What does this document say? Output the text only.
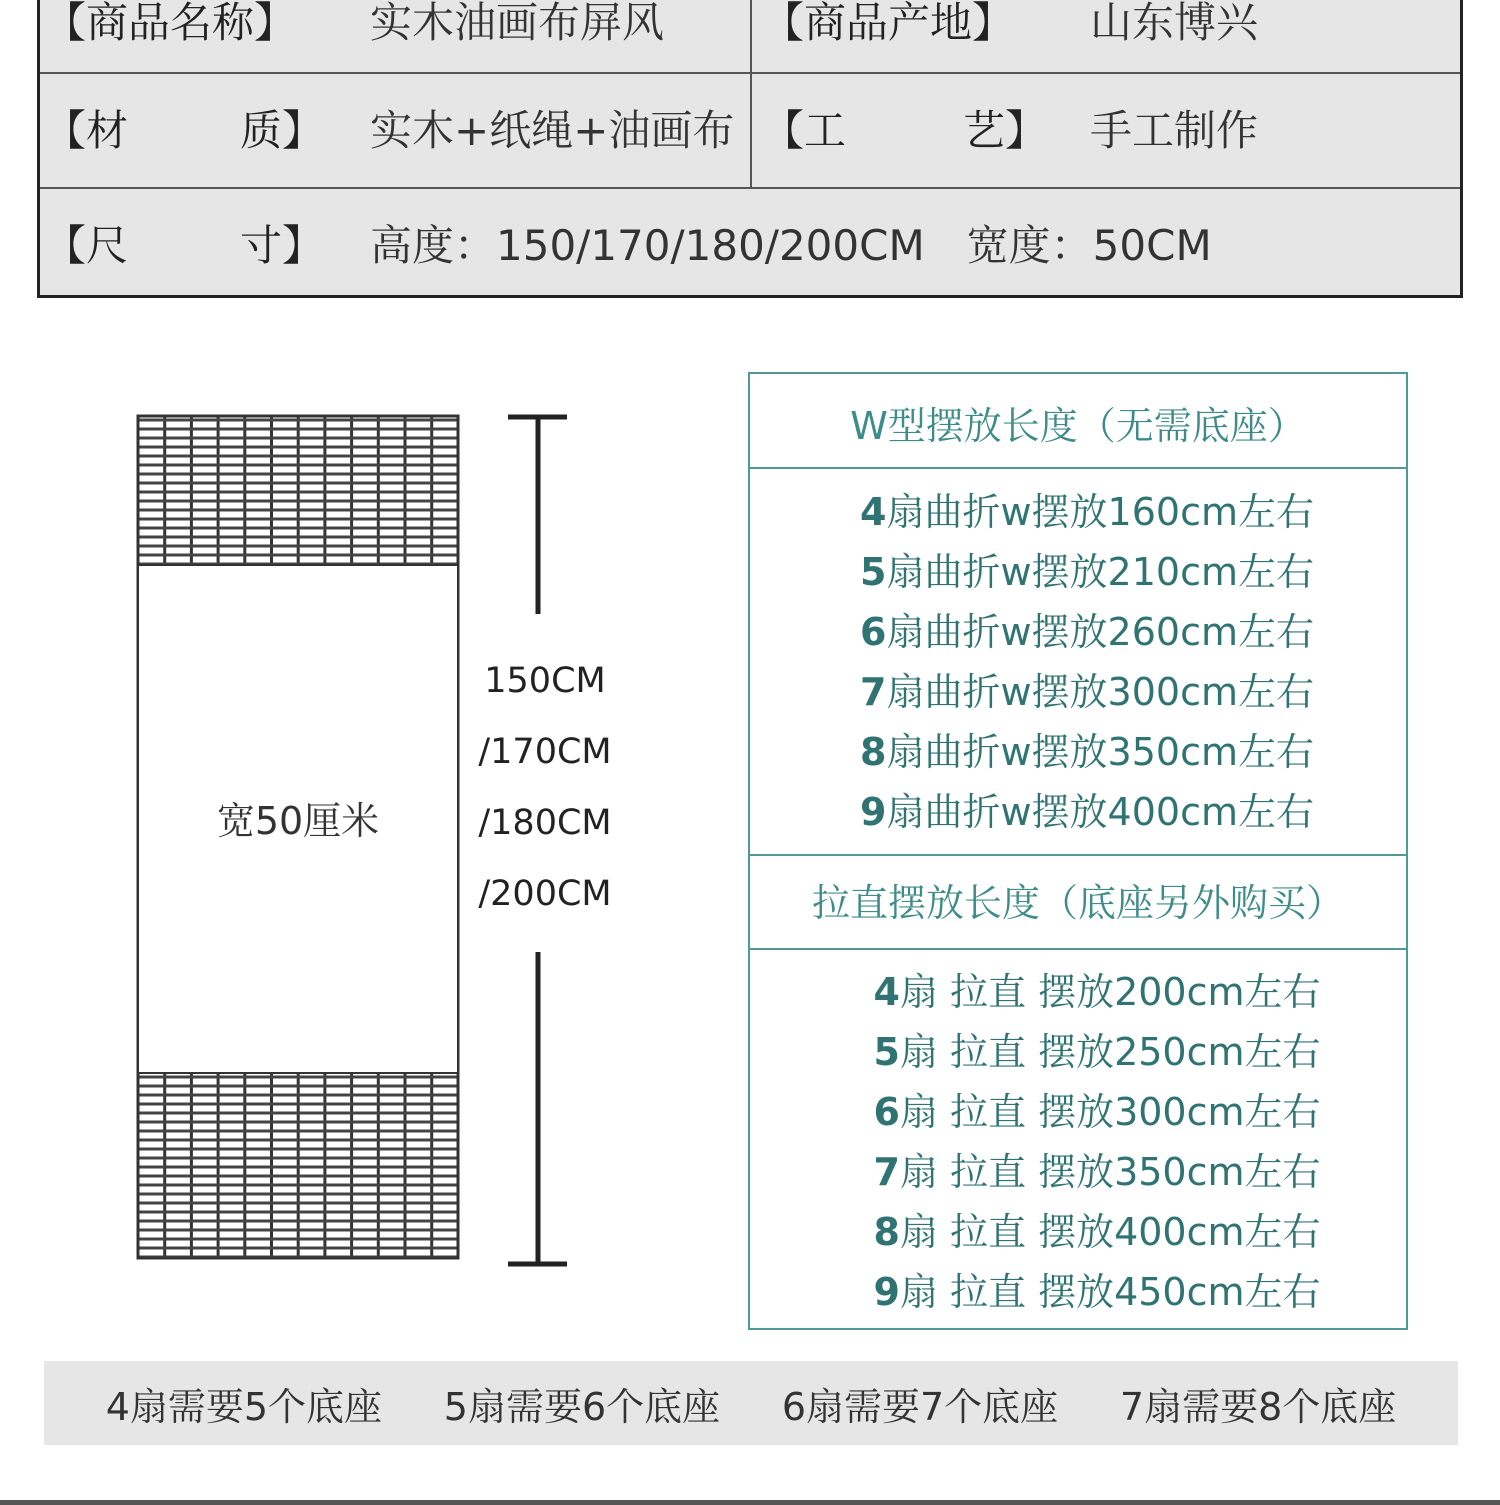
【商品名称】 实木油画布屏风 【商品产地】 山东博兴
【材	质】 实木+纸绳+油画布 【工	艺】 手工制作
【尺	寸】 高度：150/170/180/200CM　宽度：50CM
宽50厘米
150CM
/170CM
/180CM
/200CM
W型摆放长度（无需底座）
4扇曲折w摆放160cm左右
5扇曲折w摆放210cm左右
6扇曲折w摆放260cm左右
7扇曲折w摆放300cm左右
8扇曲折w摆放350cm左右
9扇曲折w摆放400cm左右
拉直摆放长度（底座另外购买）
4扇 拉直 摆放200cm左右
5扇 拉直 摆放250cm左右
6扇 拉直 摆放300cm左右
7扇 拉直 摆放350cm左右
8扇 拉直 摆放400cm左右
9扇 拉直 摆放450cm左右
4扇需要5个底座 5扇需要6个底座 6扇需要7个底座 7扇需要8个底座
